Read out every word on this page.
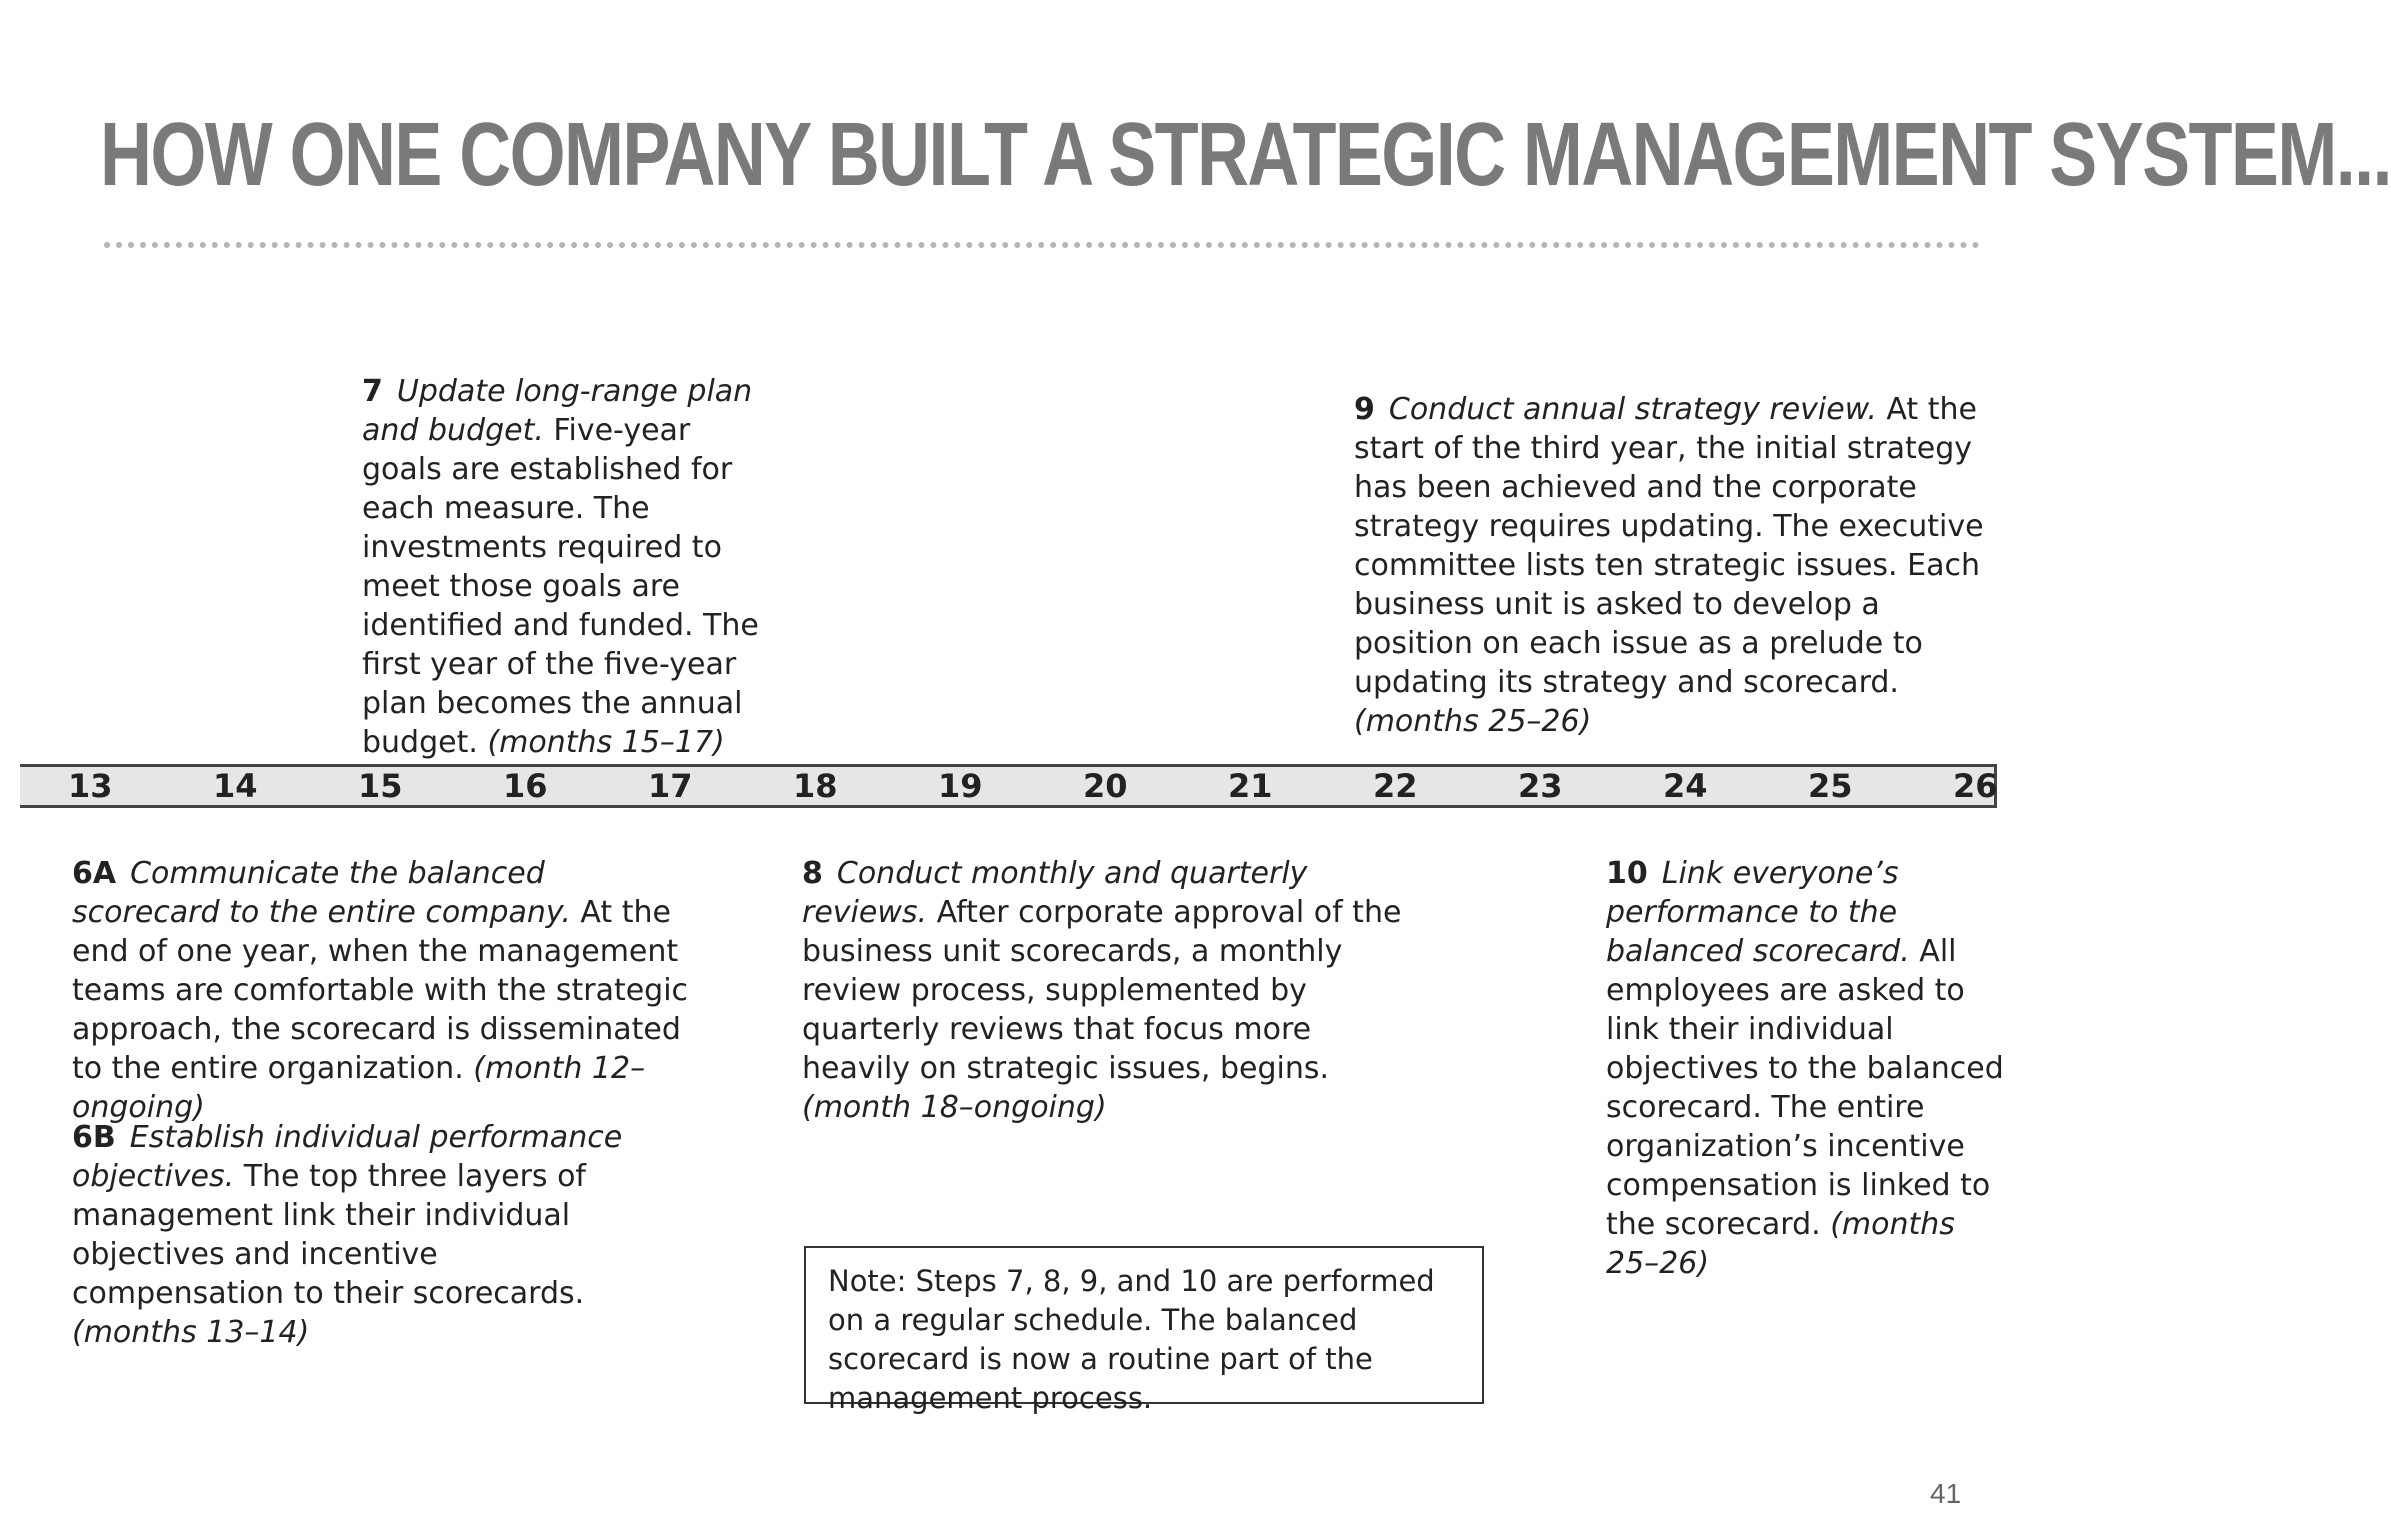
HOW ONE COMPANY BUILT A STRATEGIC MANAGEMENT SYSTEM...
7 Update long-range plan and budget. Five-year goals are established for each measure. The investments required to meet those goals are identified and funded. The first year of the five-year plan becomes the annual budget. (months 15–17)
9 Conduct annual strategy review. At the start of the third year, the initial strategy has been achieved and the corporate strategy requires updating. The executive committee lists ten strategic issues. Each business unit is asked to develop a position on each issue as a prelude to updating its strategy and scorecard. (months 25–26)
13	14	15	16	17	18	19	20	21	22	23	24	25	26
6A Communicate the balanced scorecard to the entire company. At the end of one year, when the management teams are comfortable with the strategic approach, the scorecard is disseminated to the entire organization. (month 12–ongoing)
6B Establish individual performance objectives. The top three layers of management link their individual objectives and incentive compensation to their scorecards. (months 13–14)
8 Conduct monthly and quarterly reviews. After corporate approval of the business unit scorecards, a monthly review process, supplemented by quarterly reviews that focus more heavily on strategic issues, begins. (month 18–ongoing)
10 Link everyone’s performance to the balanced scorecard. All employees are asked to link their individual objectives to the balanced scorecard. The entire organization’s incentive compensation is linked to the scorecard. (months 25–26)
Note: Steps 7, 8, 9, and 10 are performed on a regular schedule. The balanced scorecard is now a routine part of the management process.
41
